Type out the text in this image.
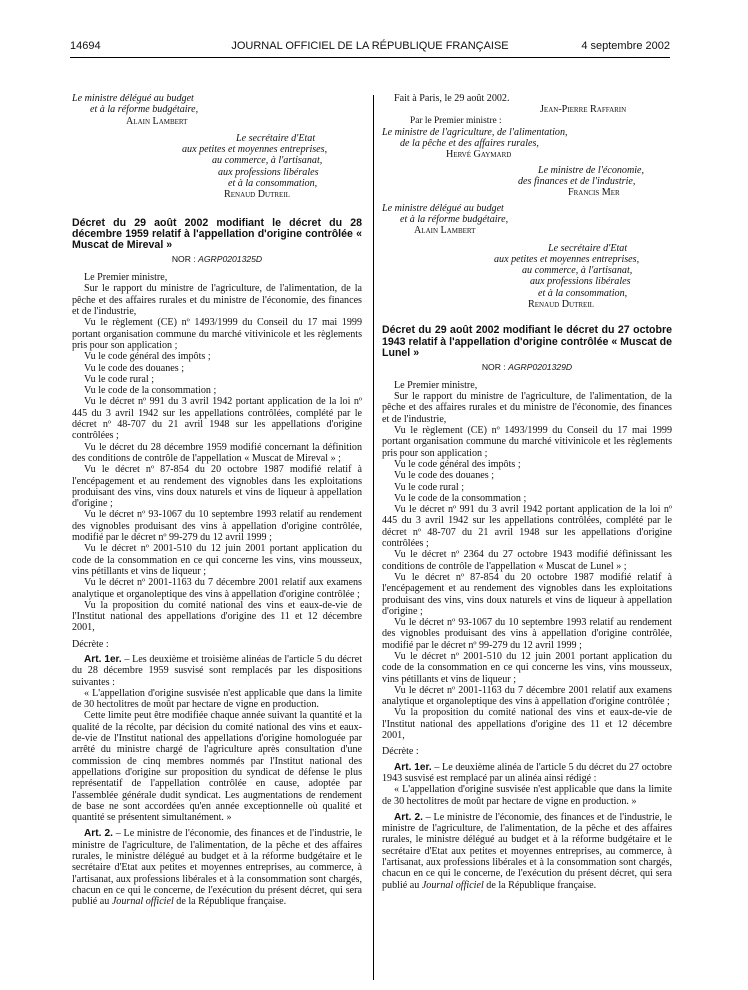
14694	JOURNAL OFFICIEL DE LA RÉPUBLIQUE FRANÇAISE	4 septembre 2002
Le ministre délégué au budget
et à la réforme budgétaire,
Alain Lambert
Le secrétaire d'Etat
aux petites et moyennes entreprises,
au commerce, à l'artisanat,
aux professions libérales
et à la consommation,
Renaud Dutreil
Décret du 29 août 2002 modifiant le décret du 28 décembre 1959 relatif à l'appellation d'origine contrôlée « Muscat de Mireval »
NOR : AGRP0201325D

Le Premier ministre,

Sur le rapport du ministre de l'agriculture, de l'alimentation, de la pêche et des affaires rurales et du ministre de l'économie, des finances et de l'industrie,

Vu le règlement (CE) nº 1493/1999 du Conseil du 17 mai 1999 portant organisation commune du marché vitivinicole et les règlements pris pour son application ;

Vu le code général des impôts ;

Vu le code des douanes ;

Vu le code rural ;

Vu le code de la consommation ;

Vu le décret nº 991 du 3 avril 1942 portant application de la loi nº 445 du 3 avril 1942 sur les appellations contrôlées, complété par le décret nº 48-707 du 21 avril 1948 sur les appellations d'origine contrôlées ;

Vu le décret du 28 décembre 1959 modifié concernant la définition des conditions de contrôle de l'appellation « Muscat de Mireval » ;

Vu le décret nº 87-854 du 20 octobre 1987 modifié relatif à l'encépagement et au rendement des vignobles dans les exploitations produisant des vins, vins doux naturels et vins de liqueur à appellation d'origine ;

Vu le décret nº 93-1067 du 10 septembre 1993 relatif au rendement des vignobles produisant des vins à appellation d'origine contrôlée, modifié par le décret nº 99-279 du 12 avril 1999 ;

Vu le décret nº 2001-510 du 12 juin 2001 portant application du code de la consommation en ce qui concerne les vins, vins mousseux, vins pétillants et vins de liqueur ;

Vu le décret nº 2001-1163 du 7 décembre 2001 relatif aux examens analytique et organoleptique des vins à appellation d'origine contrôlée ;

Vu la proposition du comité national des vins et eaux-de-vie de l'Institut national des appellations d'origine des 11 et 12 décembre 2001,

Décrète :

Art. 1er. – Les deuxième et troisième alinéas de l'article 5 du décret du 28 décembre 1959 susvisé sont remplacés par les dispositions suivantes :

« L'appellation d'origine susvisée n'est applicable que dans la limite de 30 hectolitres de moût par hectare de vigne en production.

Cette limite peut être modifiée chaque année suivant la quantité et la qualité de la récolte, par décision du comité national des vins et eaux-de-vie de l'Institut national des appellations d'origine homologuée par arrêté du ministre chargé de l'agriculture après consultation d'une commission de cinq membres nommés par l'Institut national des appellations d'origine sur proposition du syndicat de défense le plus représentatif de l'appellation contrôlée en cause, adoptée par l'assemblée générale dudit syndicat. Les augmentations de rendement de base ne sont accordées qu'en année exceptionnelle où qualité et quantité se présentent simultanément. »

Art. 2. – Le ministre de l'économie, des finances et de l'industrie, le ministre de l'agriculture, de l'alimentation, de la pêche et des affaires rurales, le ministre délégué au budget et à la réforme budgétaire et le secrétaire d'Etat aux petites et moyennes entreprises, au commerce, à l'artisanat, aux professions libérales et à la consommation sont chargés, chacun en ce qui le concerne, de l'exécution du présent décret, qui sera publié au Journal officiel de la République française.

Fait à Paris, le 29 août 2002.

Jean-Pierre Raffarin
Par le Premier ministre :
Le ministre de l'agriculture, de l'alimentation,
de la pêche et des affaires rurales,
Hervé Gaymard
Le ministre de l'économie,
des finances et de l'industrie,
Francis Mer
Le ministre délégué au budget
et à la réforme budgétaire,
Alain Lambert
Le secrétaire d'Etat
aux petites et moyennes entreprises,
au commerce, à l'artisanat,
aux professions libérales
et à la consommation,
Renaud Dutreil
Décret du 29 août 2002 modifiant le décret du 27 octobre 1943 relatif à l'appellation d'origine contrôlée « Muscat de Lunel »
NOR : AGRP0201329D

Le Premier ministre,

Sur le rapport du ministre de l'agriculture, de l'alimentation, de la pêche et des affaires rurales et du ministre de l'économie, des finances et de l'industrie,

Vu le règlement (CE) nº 1493/1999 du Conseil du 17 mai 1999 portant organisation commune du marché vitivinicole et les règlements pris pour son application ;

Vu le code général des impôts ;

Vu le code des douanes ;

Vu le code rural ;

Vu le code de la consommation ;

Vu le décret nº 991 du 3 avril 1942 portant application de la loi nº 445 du 3 avril 1942 sur les appellations contrôlées, complété par le décret nº 48-707 du 21 avril 1948 sur les appellations d'origine contrôlées ;

Vu le décret nº 2364 du 27 octobre 1943 modifié définissant les conditions de contrôle de l'appellation « Muscat de Lunel » ;

Vu le décret nº 87-854 du 20 octobre 1987 modifié relatif à l'encépagement et au rendement des vignobles dans les exploitations produisant des vins, vins doux naturels et vins de liqueur à appellation d'origine ;

Vu le décret nº 93-1067 du 10 septembre 1993 relatif au rendement des vignobles produisant des vins à appellation d'origine contrôlée, modifié par le décret nº 99-279 du 12 avril 1999 ;

Vu le décret nº 2001-510 du 12 juin 2001 portant application du code de la consommation en ce qui concerne les vins, vins mousseux, vins pétillants et vins de liqueur ;

Vu le décret nº 2001-1163 du 7 décembre 2001 relatif aux examens analytique et organoleptique des vins à appellation d'origine contrôlée ;

Vu la proposition du comité national des vins et eaux-de-vie de l'Institut national des appellations d'origine des 11 et 12 décembre 2001,

Décrète :

Art. 1er. – Le deuxième alinéa de l'article 5 du décret du 27 octobre 1943 susvisé est remplacé par un alinéa ainsi rédigé :

« L'appellation d'origine susvisée n'est applicable que dans la limite de 30 hectolitres de moût par hectare de vigne en production. »

Art. 2. – Le ministre de l'économie, des finances et de l'industrie, le ministre de l'agriculture, de l'alimentation, de la pêche et des affaires rurales, le ministre délégué au budget et à la réforme budgétaire et le secrétaire d'Etat aux petites et moyennes entreprises, au commerce, à l'artisanat, aux professions libérales et à la consommation sont chargés, chacun en ce qui le concerne, de l'exécution du présent décret, qui sera publié au Journal officiel de la République française.
